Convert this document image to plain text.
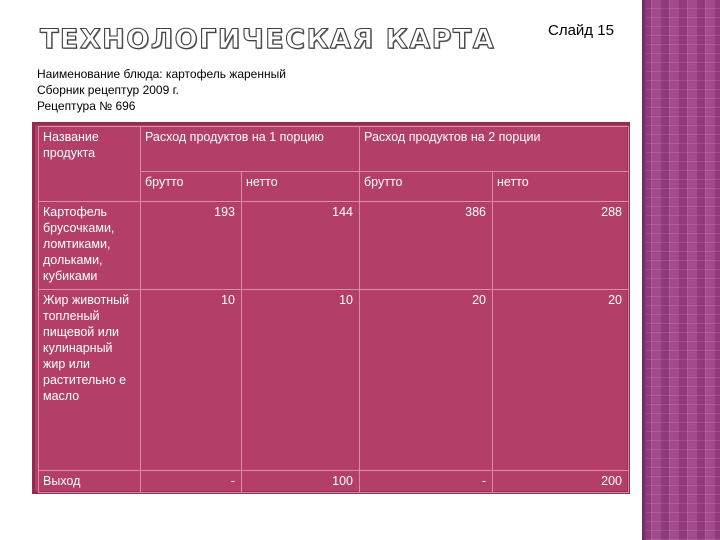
ТЕХНОЛОГИЧЕСКАЯ КАРТА	Слайд 15
Наименование блюда: картофель жаренный
Сборник рецептур 2009 г.
Рецептура № 696
Название продукта	Расход продуктов на 1 порцию		Расход продуктов на 2 порции	
	брутто	нетто	брутто	нетто
Картофель брусочками, ломтиками, дольками, кубиками	193	144	386	288
Жир животный топленый пищевой или кулинарный жир или растительно е масло	10	10	20	20
Выход	-	100	-	200
